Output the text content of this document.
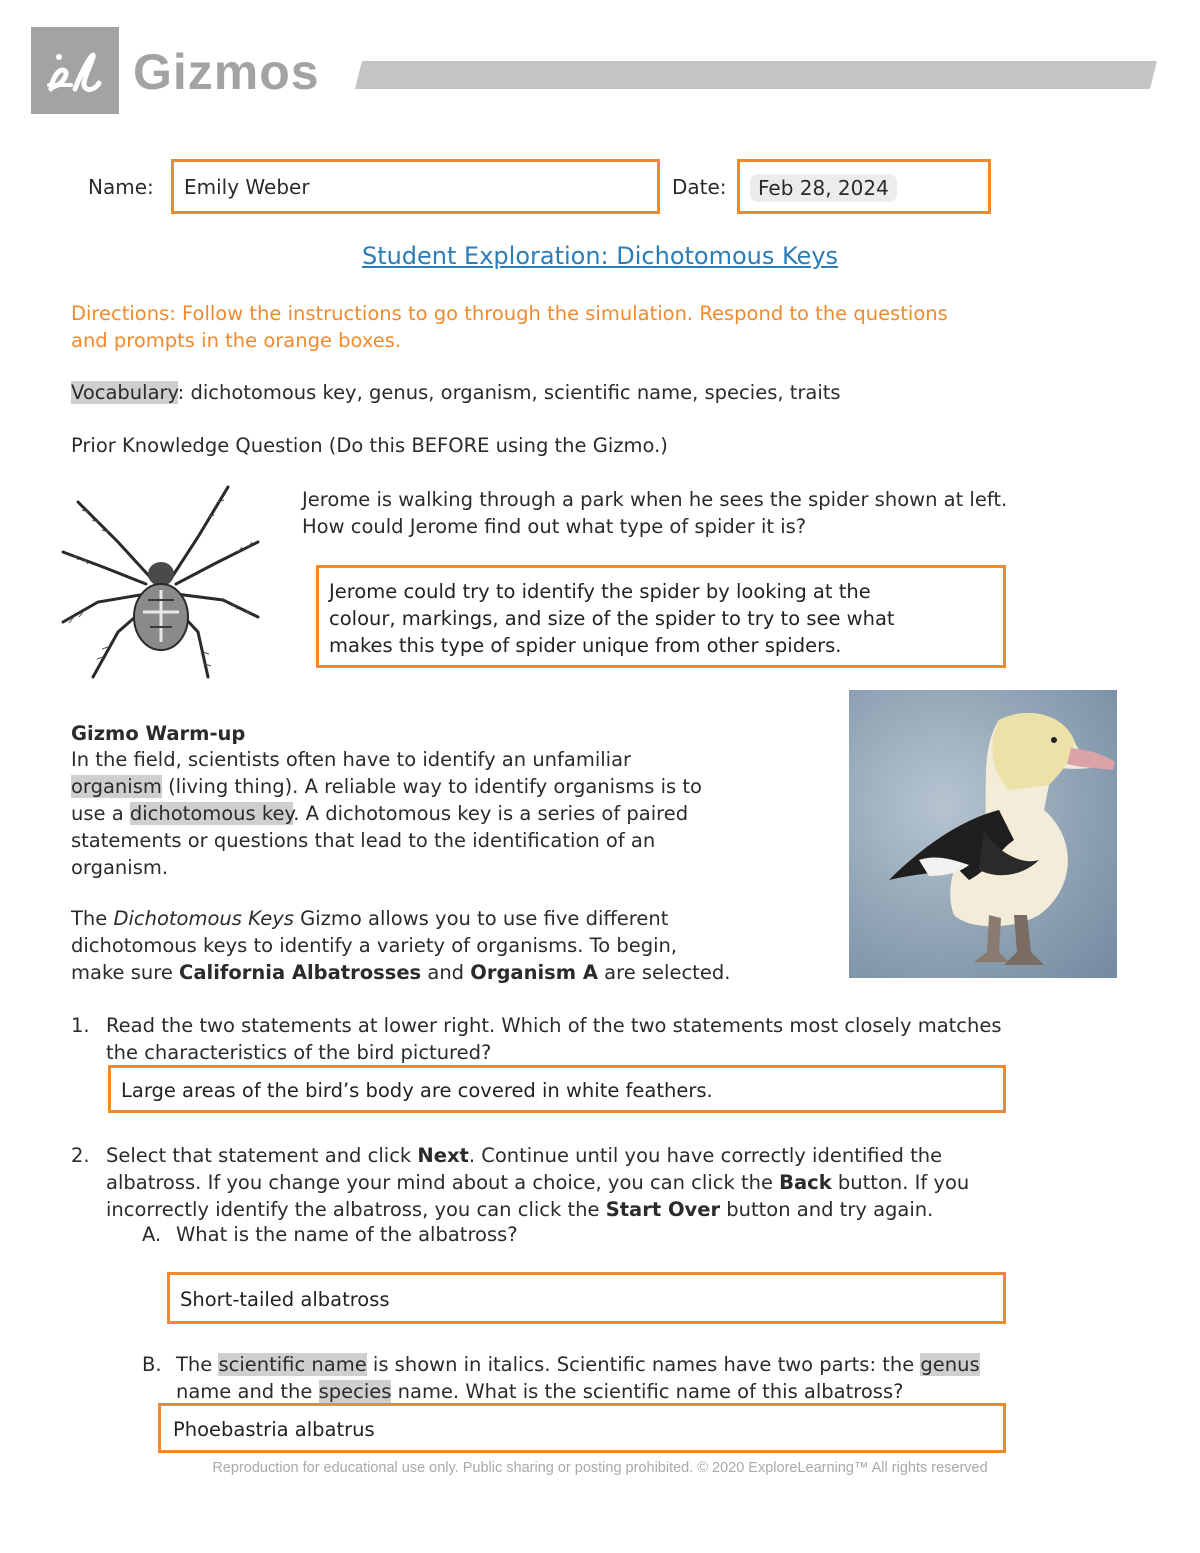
Gizmos
Name: Emily Weber	Date:	Feb 28, 2024
Student Exploration: Dichotomous Keys
Directions: Follow the instructions to go through the simulation. Respond to the questions
and prompts in the orange boxes.
Vocabulary: dichotomous key, genus, organism, scientific name, species, traits
Prior Knowledge Question (Do this BEFORE using the Gizmo.)
Jerome is walking through a park when he sees the spider shown at left.
How could Jerome find out what type of spider it is?
Jerome could try to identify the spider by looking at the
colour, markings, and size of the spider to try to see what
makes this type of spider unique from other spiders.
Gizmo Warm-up
In the field, scientists often have to identify an unfamiliar
organism (living thing). A reliable way to identify organisms is to
use a dichotomous key. A dichotomous key is a series of paired
statements or questions that lead to the identification of an
organism.
The Dichotomous Keys Gizmo allows you to use five different
dichotomous keys to identify a variety of organisms. To begin,
make sure California Albatrosses and Organism A are selected.
1. Read the two statements at lower right. Which of the two statements most closely matches
the characteristics of the bird pictured?
Large areas of the bird’s body are covered in white feathers.
2. Select that statement and click Next. Continue until you have correctly identified the
albatross. If you change your mind about a choice, you can click the Back button. If you
incorrectly identify the albatross, you can click the Start Over button and try again.
A. What is the name of the albatross?
Short-tailed albatross
B. The scientific name is shown in italics. Scientific names have two parts: the genus
name and the species name. What is the scientific name of this albatross?
Phoebastria albatrus
Reproduction for educational use only. Public sharing or posting prohibited. © 2020 ExploreLearning™ All rights reserved
